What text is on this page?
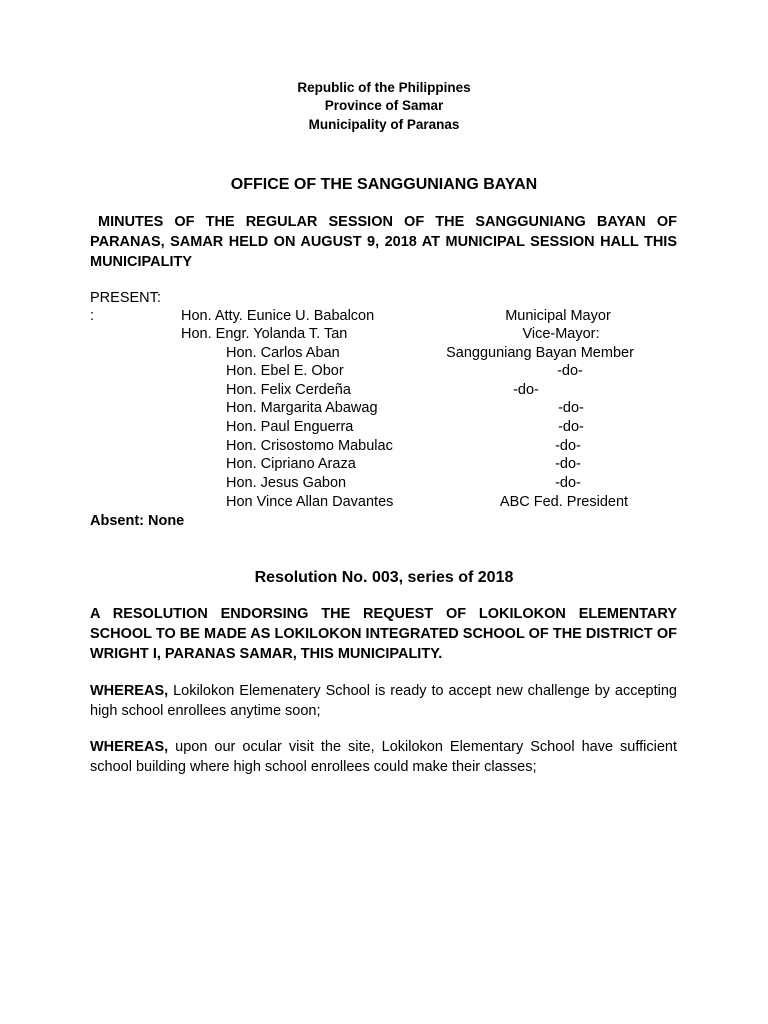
Republic of the Philippines
Province of Samar
Municipality of Paranas
OFFICE OF THE SANGGUNIANG BAYAN
MINUTES OF THE REGULAR SESSION OF THE SANGGUNIANG BAYAN OF PARANAS, SAMAR HELD ON AUGUST 9, 2018 AT MUNICIPAL SESSION HALL THIS MUNICIPALITY
PRESENT:
:	Hon. Atty. Eunice U. Babalcon	Municipal Mayor
Hon. Engr. Yolanda T. Tan	Vice-Mayor:
Hon. Carlos Aban	Sangguniang Bayan Member
Hon. Ebel E. Obor	-do-
Hon. Felix Cerdeña	-do-
Hon. Margarita Abawag	-do-
Hon. Paul Enguerra	-do-
Hon. Crisostomo Mabulac	-do-
Hon. Cipriano Araza	-do-
Hon. Jesus Gabon	-do-
Hon Vince Allan Davantes	ABC Fed. President
Absent: None
Resolution No. 003, series of 2018
A RESOLUTION ENDORSING THE REQUEST OF LOKILOKON ELEMENTARY SCHOOL TO BE MADE AS LOKILOKON INTEGRATED SCHOOL OF THE DISTRICT OF WRIGHT I, PARANAS SAMAR, THIS MUNICIPALITY.
WHEREAS, Lokilokon Elemenatery School is ready to accept new challenge by accepting high school enrollees anytime soon;
WHEREAS, upon our ocular visit the site, Lokilokon Elementary School have sufficient school building where high school enrollees could make their classes;
